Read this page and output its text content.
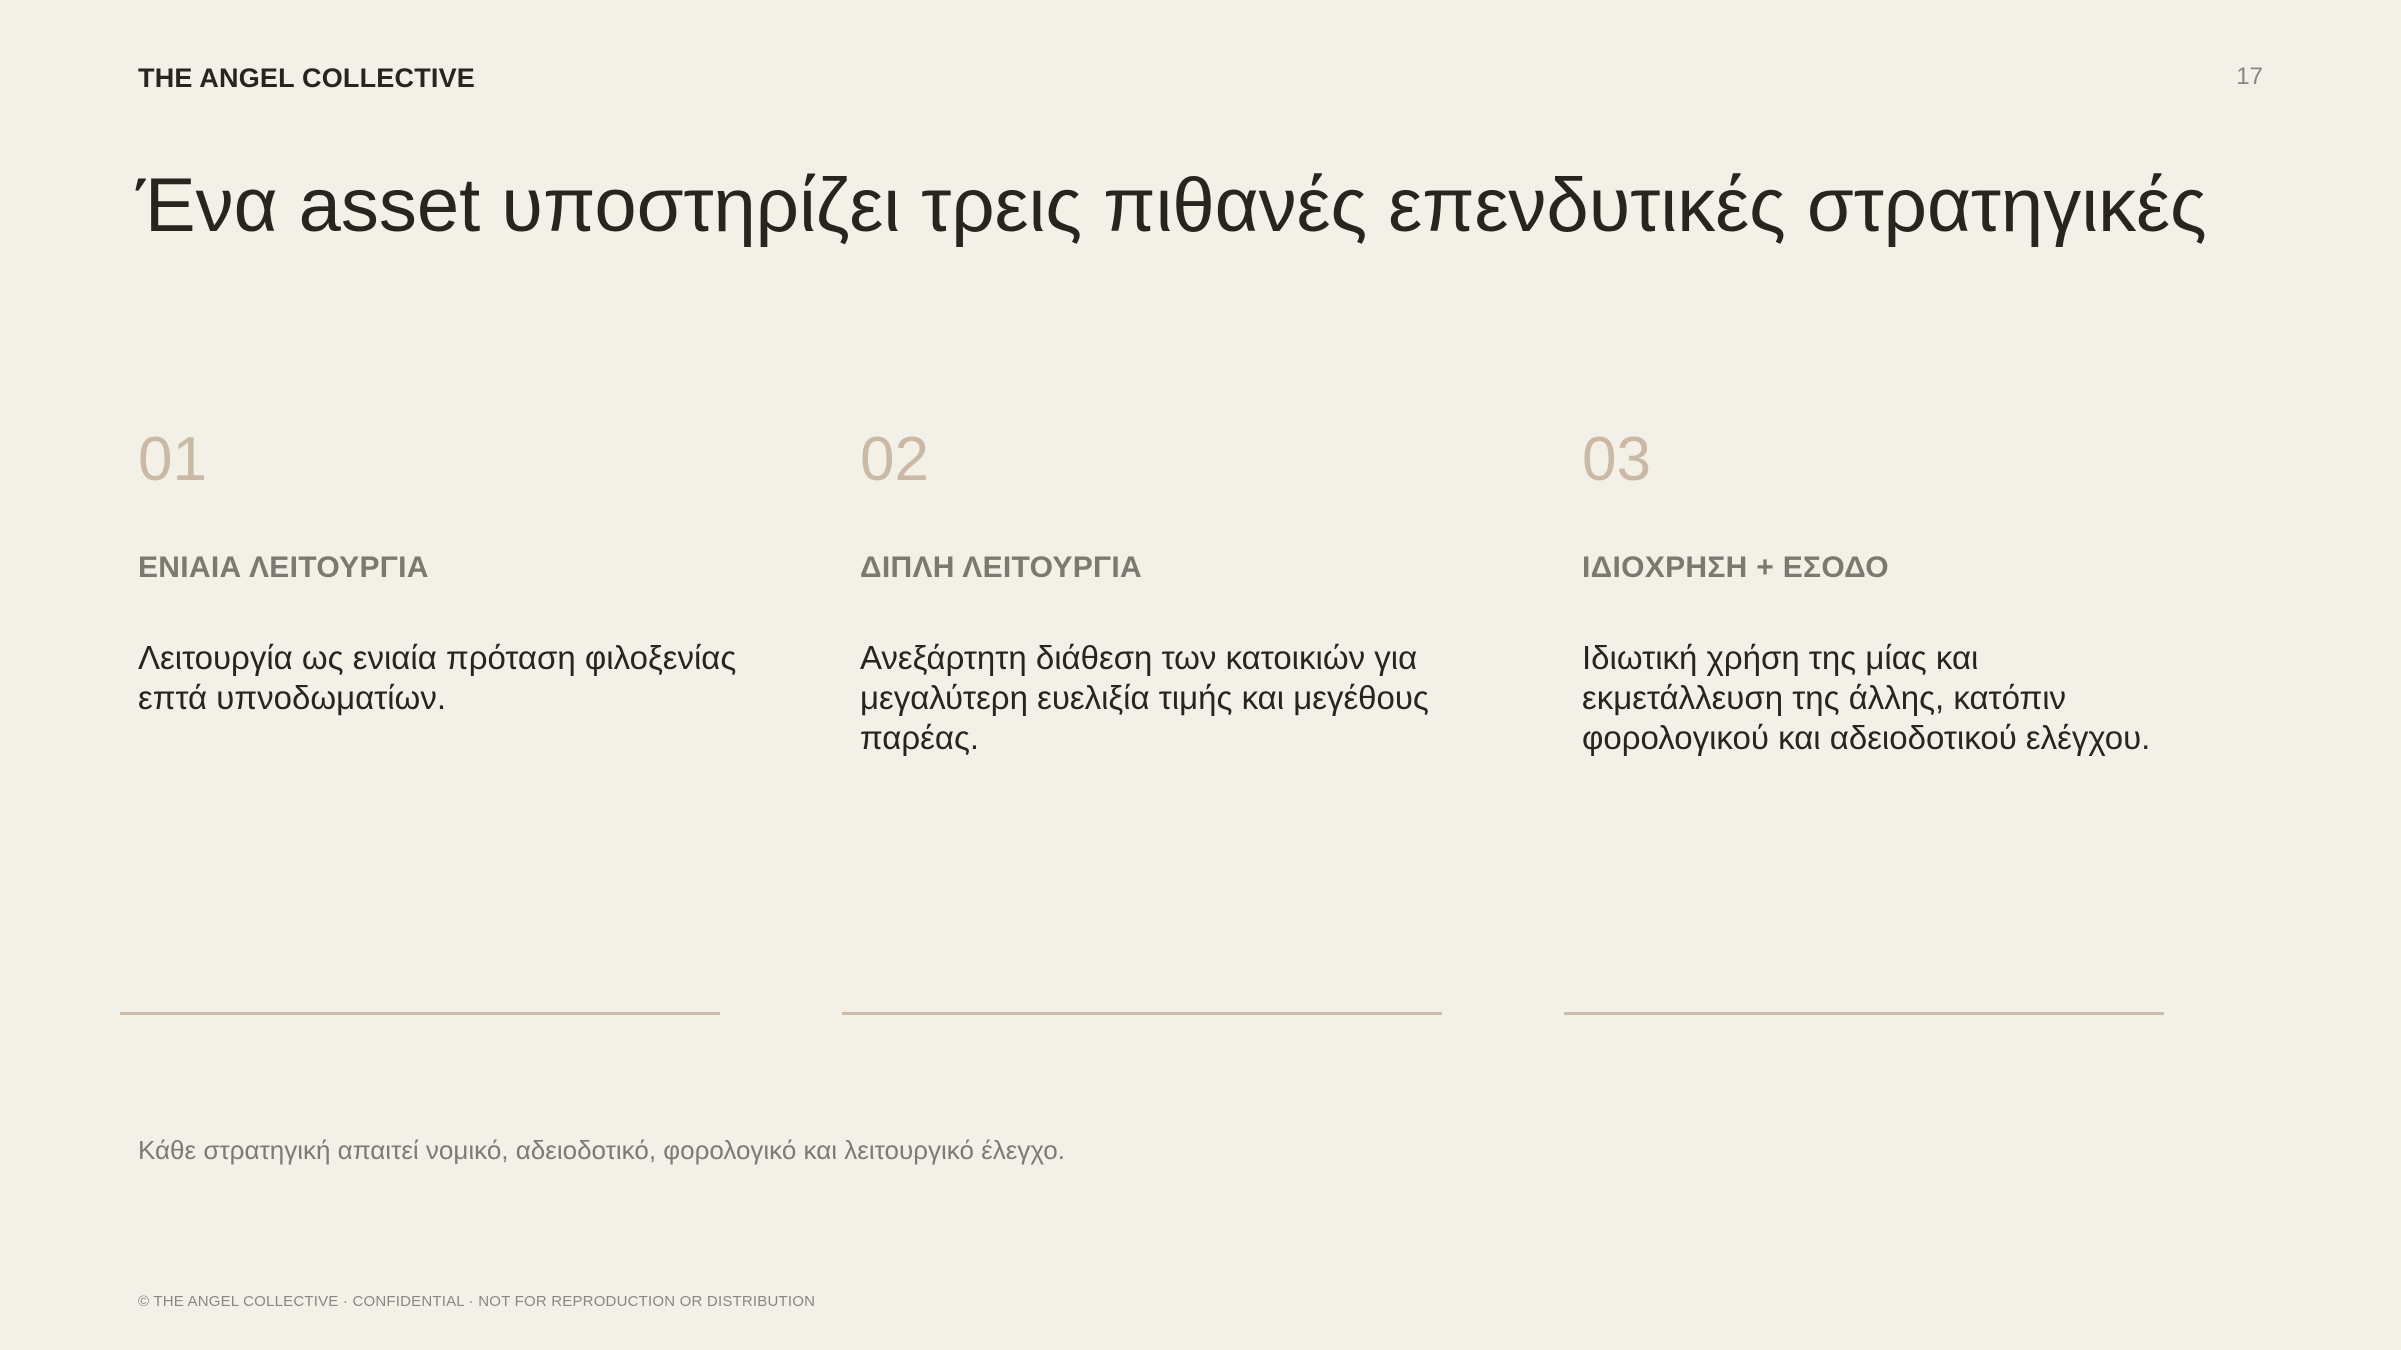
THE ANGEL COLLECTIVE	17
Ένα asset υποστηρίζει τρεις πιθανές επενδυτικές στρατηγικές
01
ΕΝΙΑΙΑ ΛΕΙΤΟΥΡΓΙΑ
Λειτουργία ως ενιαία πρόταση φιλοξενίας επτά υπνοδωματίων.
02
ΔΙΠΛΗ ΛΕΙΤΟΥΡΓΙΑ
Ανεξάρτητη διάθεση των κατοικιών για μεγαλύτερη ευελιξία τιμής και μεγέθους παρέας.
03
ΙΔΙΟΧΡΗΣΗ + ΕΣΟΔΟ
Ιδιωτική χρήση της μίας και εκμετάλλευση της άλλης, κατόπιν φορολογικού και αδειοδοτικού ελέγχου.
Κάθε στρατηγική απαιτεί νομικό, αδειοδοτικό, φορολογικό και λειτουργικό έλεγχο.
© THE ANGEL COLLECTIVE · CONFIDENTIAL · NOT FOR REPRODUCTION OR DISTRIBUTION
